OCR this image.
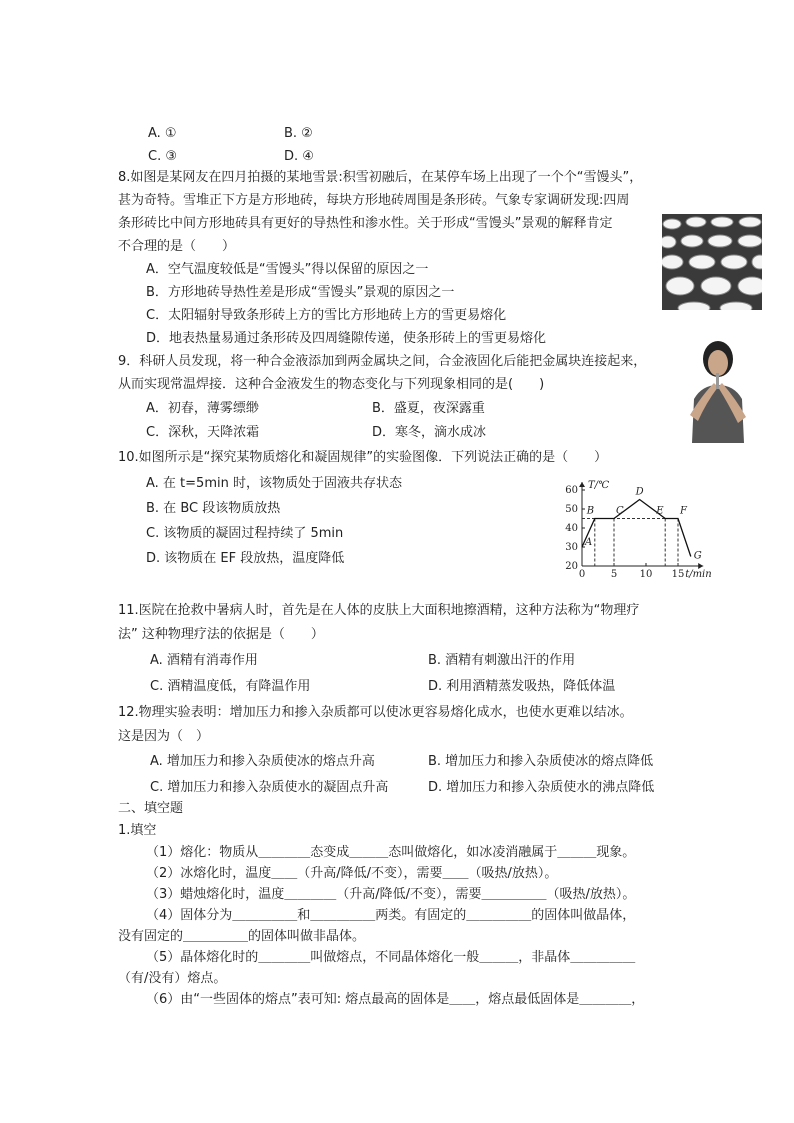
A. ①	B. ②
C. ③	D. ④
8.如图是某网友在四月拍摄的某地雪景:积雪初融后，在某停车场上出现了一个个“雪馒头”，
甚为奇特。雪堆正下方是方形地砖，每块方形地砖周围是条形砖。气象专家调研发现:四周
条形砖比中间方形地砖具有更好的导热性和渗水性。关于形成“雪馒头”景观的解释肯定
不合理的是（　　）
A．空气温度较低是“雪馒头”得以保留的原因之一
B．方形地砖导热性差是形成“雪馒头”景观的原因之一
C．太阳辐射导致条形砖上方的雪比方形地砖上方的雪更易熔化
D．地表热量易通过条形砖及四周缝隙传递，使条形砖上的雪更易熔化
9．科研人员发现，将一种合金液添加到两金属块之间，合金液固化后能把金属块连接起来，
从而实现常温焊接．这种合金液发生的物态变化与下列现象相同的是(　　)
A．初春，薄雾缥缈	B．盛夏，夜深露重
C．深秋，天降浓霜	D．寒冬，滴水成冰
10.如图所示是“探究某物质熔化和凝固规律”的实验图像．下列说法正确的是（　　）
A. 在 t=5min 时，该物质处于固液共存状态
B. 在 BC 段该物质放热
C. 该物质的凝固过程持续了 5min
D. 该物质在 EF 段放热，温度降低
20
30
40
50
60
0	5 10 15
T/℃
t/min
A
B C
D
E F
G
11.医院在抢救中暑病人时，首先是在人体的皮肤上大面积地擦酒精，这种方法称为“物理疗
法” 这种物理疗法的依据是（　　）
A. 酒精有消毒作用	B. 酒精有刺激出汗的作用
C. 酒精温度低，有降温作用	D. 利用酒精蒸发吸热，降低体温
12.物理实验表明：增加压力和掺入杂质都可以使冰更容易熔化成水，也使水更难以结冰。
这是因为（　）
A. 增加压力和掺入杂质使冰的熔点升高	B. 增加压力和掺入杂质使冰的熔点降低
C. 增加压力和掺入杂质使水的凝固点升高	D. 增加压力和掺入杂质使水的沸点降低
二、填空题
1.填空
（1）熔化：物质从＿＿＿＿态变成＿＿＿态叫做熔化，如冰凌消融属于＿＿＿现象。
（2）冰熔化时，温度＿＿（升高/降低/不变），需要＿＿（吸热/放热）。
（3）蜡烛熔化时，温度＿＿＿＿（升高/降低/不变），需要＿＿＿＿＿（吸热/放热）。
（4）固体分为＿＿＿＿＿和＿＿＿＿＿两类。有固定的＿＿＿＿＿的固体叫做晶体，
没有固定的＿＿＿＿＿的固体叫做非晶体。
（5）晶体熔化时的＿＿＿＿叫做熔点，不同晶体熔化一般＿＿＿，非晶体＿＿＿＿＿
（有/没有）熔点。
（6）由“一些固体的熔点”表可知: 熔点最高的固体是＿＿，熔点最低固体是＿＿＿＿，
